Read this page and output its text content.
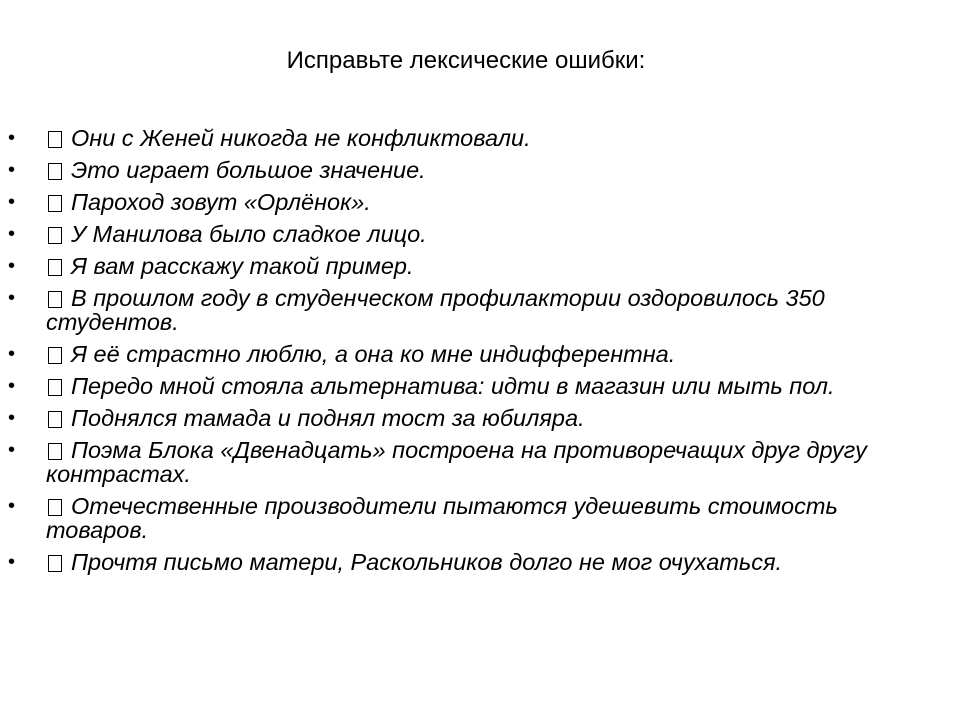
Исправьте лексические ошибки:
• Они с Женей никогда не конфликтовали.
• Это играет большое значение.
• Пароход зовут «Орлёнок».
• У Манилова было сладкое лицо.
• Я вам расскажу такой пример.
• В прошлом году в студенческом профилактории оздоровилось 350 студентов.
• Я её страстно люблю, а она ко мне индифферентна.
• Передо мной стояла альтернатива: идти в магазин или мыть пол.
• Поднялся тамада и поднял тост за юбиляра.
• Поэма Блока «Двенадцать» построена на противоречащих друг другу контрастах.
• Отечественные производители пытаются удешевить стоимость товаров.
• Прочтя письмо матери, Раскольников долго не мог очухаться.
